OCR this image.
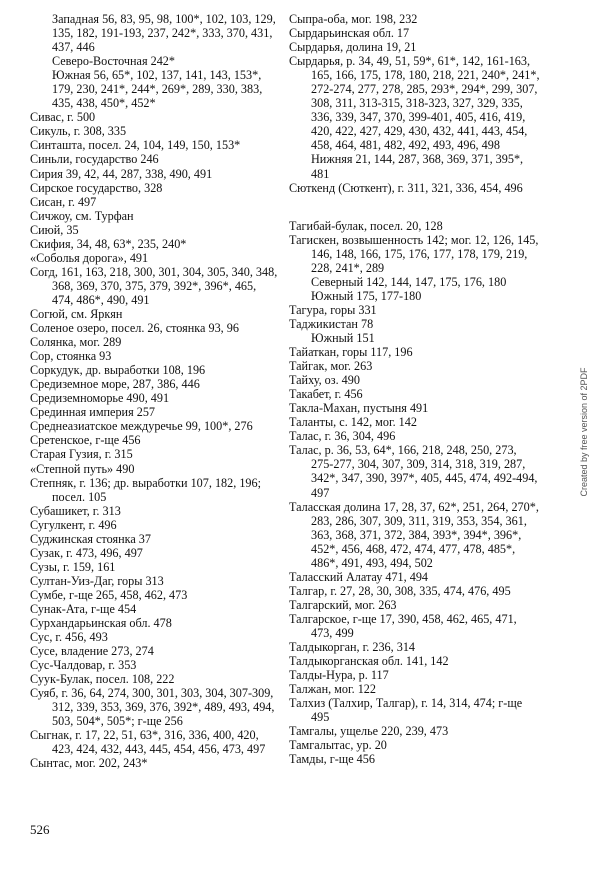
Западная 56, 83, 95, 98, 100*, 102, 103, 129, 135, 182, 191-193, 237, 242*, 333, 370, 431, 437, 446
Северо-Восточная 242*
Южная 56, 65*, 102, 137, 141, 143, 153*, 179, 230, 241*, 244*, 269*, 289, 330, 383, 435, 438, 450*, 452*
Сивас, г. 500
Сикуль, г. 308, 335
Синташта, посел. 24, 104, 149, 150, 153*
Синьли, государство 246
Сирия 39, 42, 44, 287, 338, 490, 491
Сирское государство, 328
Сисан, г. 497
Сичжоу, см. Турфан
Сиюй, 35
Скифия, 34, 48, 63*, 235, 240*
«Соболья дорога», 491
Согд, 161, 163, 218, 300, 301, 304, 305, 340, 348, 368, 369, 370, 375, 379, 392*, 396*, 465, 474, 486*, 490, 491
Согюй, см. Яркян
Соленое озеро, посел. 26, стоянка 93, 96
Солянка, мог. 289
Сор, стоянка 93
Соркудук, др. выработки 108, 196
Средиземное море, 287, 386, 446
Средиземноморье 490, 491
Срединная империя 257
Среднеазиатское междуречье 99, 100*, 276
Сретенское, г-ще 456
Старая Гузия, г. 315
«Степной путь» 490
Степняк, г. 136; др. выработки 107, 182, 196; посел. 105
Субашикет, г. 313
Сугулкент, г. 496
Суджинская стоянка 37
Сузак, г. 473, 496, 497
Сузы, г. 159, 161
Султан-Уиз-Даг, горы 313
Сумбе, г-ще 265, 458, 462, 473
Сунак-Ата, г-ще 454
Сурхандарьинская обл. 478
Сус, г. 456, 493
Сусе, владение 273, 274
Сус-Чалдовар, г. 353
Суук-Булак, посел. 108, 222
Суяб, г. 36, 64, 274, 300, 301, 303, 304, 307-309, 312, 339, 353, 369, 376, 392*, 489, 493, 494, 503, 504*, 505*; г-ще 256
Сыгнак, г. 17, 22, 51, 63*, 316, 336, 400, 420, 423, 424, 432, 443, 445, 454, 456, 473, 497
Сынтас, мог. 202, 243*
Сыпра-оба, мог. 198, 232
Сырдарьинская обл. 17
Сырдарья, долина 19, 21
Сырдарья, р. 34, 49, 51, 59*, 61*, 142, 161-163, 165, 166, 175, 178, 180, 218, 221, 240*, 241*, 272-274, 277, 278, 285, 293*, 294*, 299, 307, 308, 311, 313-315, 318-323, 327, 329, 335, 336, 339, 347, 370, 399-401, 405, 416, 419, 420, 422, 427, 429, 430, 432, 441, 443, 454, 458, 464, 481, 482, 492, 493, 496, 498
Нижняя 21, 144, 287, 368, 369, 371, 395*, 481
Сюткенд (Сюткент), г. 311, 321, 336, 454, 496
Тагибай-булак, посел. 20, 128
Тагискен, возвышенность 142; мог. 12, 126, 145, 146, 148, 166, 175, 176, 177, 178, 179, 219, 228, 241*, 289
Северный 142, 144, 147, 175, 176, 180
Южный 175, 177-180
Тагура, горы 331
Таджикистан 78
Южный 151
Тайаткан, горы 117, 196
Тайгак, мог. 263
Тайху, оз. 490
Такабет, г. 456
Такла-Махан, пустыня 491
Таланты, с. 142, мог. 142
Талас, г. 36, 304, 496
Талас, р. 36, 53, 64*, 166, 218, 248, 250, 273, 275-277, 304, 307, 309, 314, 318, 319, 287, 342*, 347, 390, 397*, 405, 445, 474, 492-494, 497
Таласская долина 17, 28, 37, 62*, 251, 264, 270*, 283, 286, 307, 309, 311, 319, 353, 354, 361, 363, 368, 371, 372, 384, 393*, 394*, 396*, 452*, 456, 468, 472, 474, 477, 478, 485*, 486*, 491, 493, 494, 502
Таласский Алатау 471, 494
Талгар, г. 27, 28, 30, 308, 335, 474, 476, 495
Талгарский, мог. 263
Талгарское, г-ще 17, 390, 458, 462, 465, 471, 473, 499
Талдыкорган, г. 236, 314
Талдыкорганская обл. 141, 142
Талды-Нура, р. 117
Талжан, мог. 122
Талхиз (Талхир, Талгар), г. 14, 314, 474; г-ще 495
Тамгалы, ущелье 220, 239, 473
Тамгалытас, ур. 20
Тамды, г-ще 456
526
Created by free version of 2PDF
